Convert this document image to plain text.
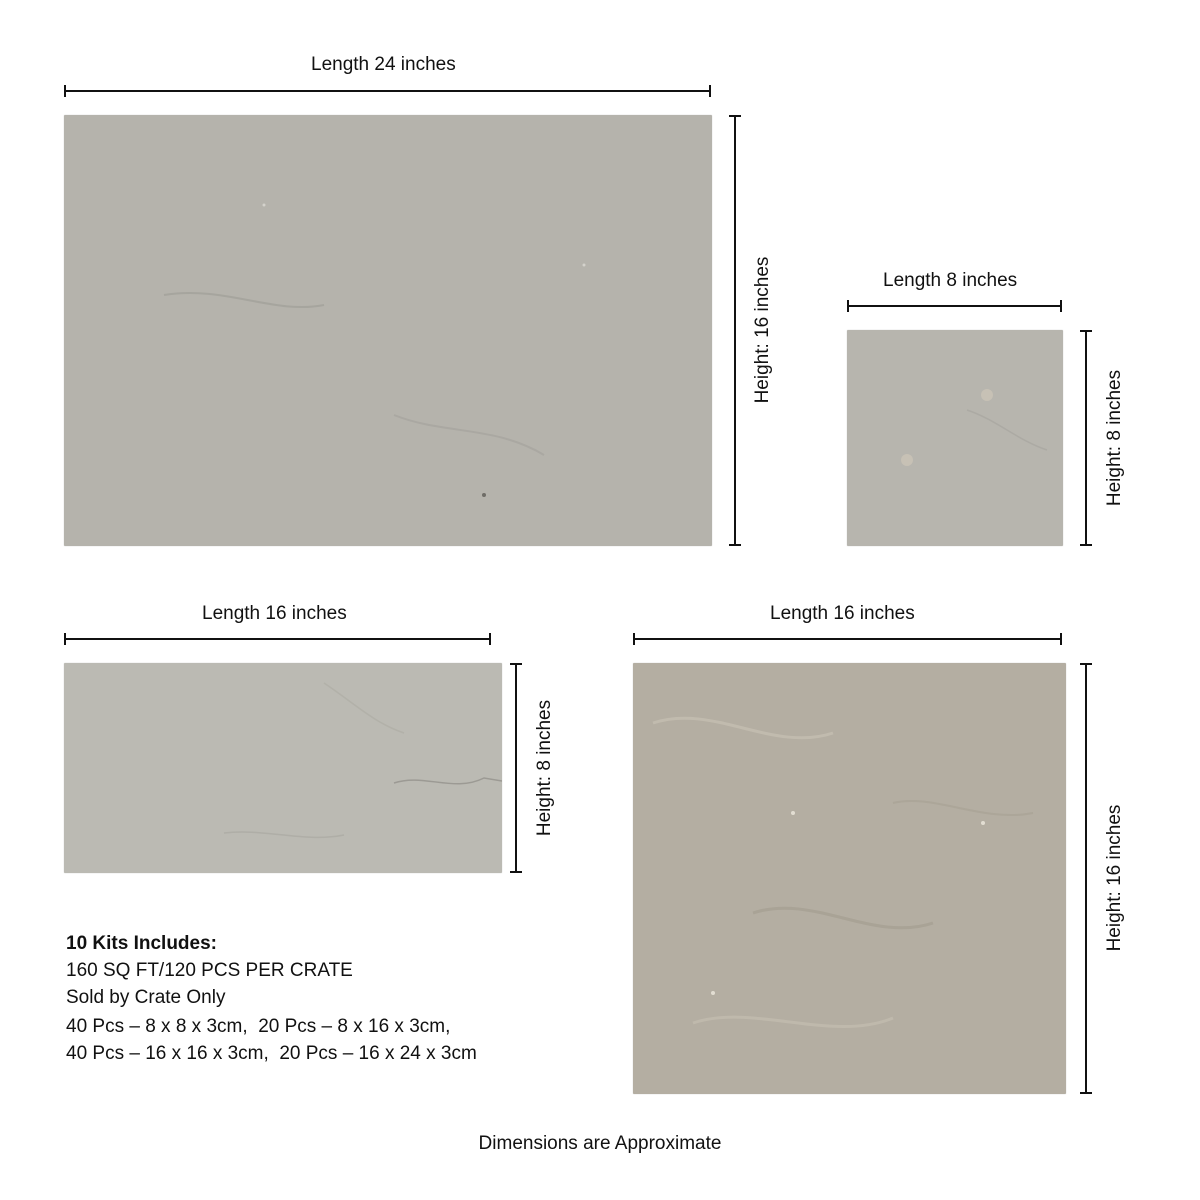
Length 24 inches
Height: 16 inches	Length 8 inches
Height: 8 inches
Length 16 inches
Height: 8 inches
Length 16 inches
Height: 16 inches
10 Kits Includes:
160 SQ FT/120 PCS PER CRATE
Sold by Crate Only
40 Pcs – 8 x 8 x 3cm,  20 Pcs – 8 x 16 x 3cm,
40 Pcs – 16 x 16 x 3cm,  20 Pcs – 16 x 24 x 3cm
Dimensions are Approximate
